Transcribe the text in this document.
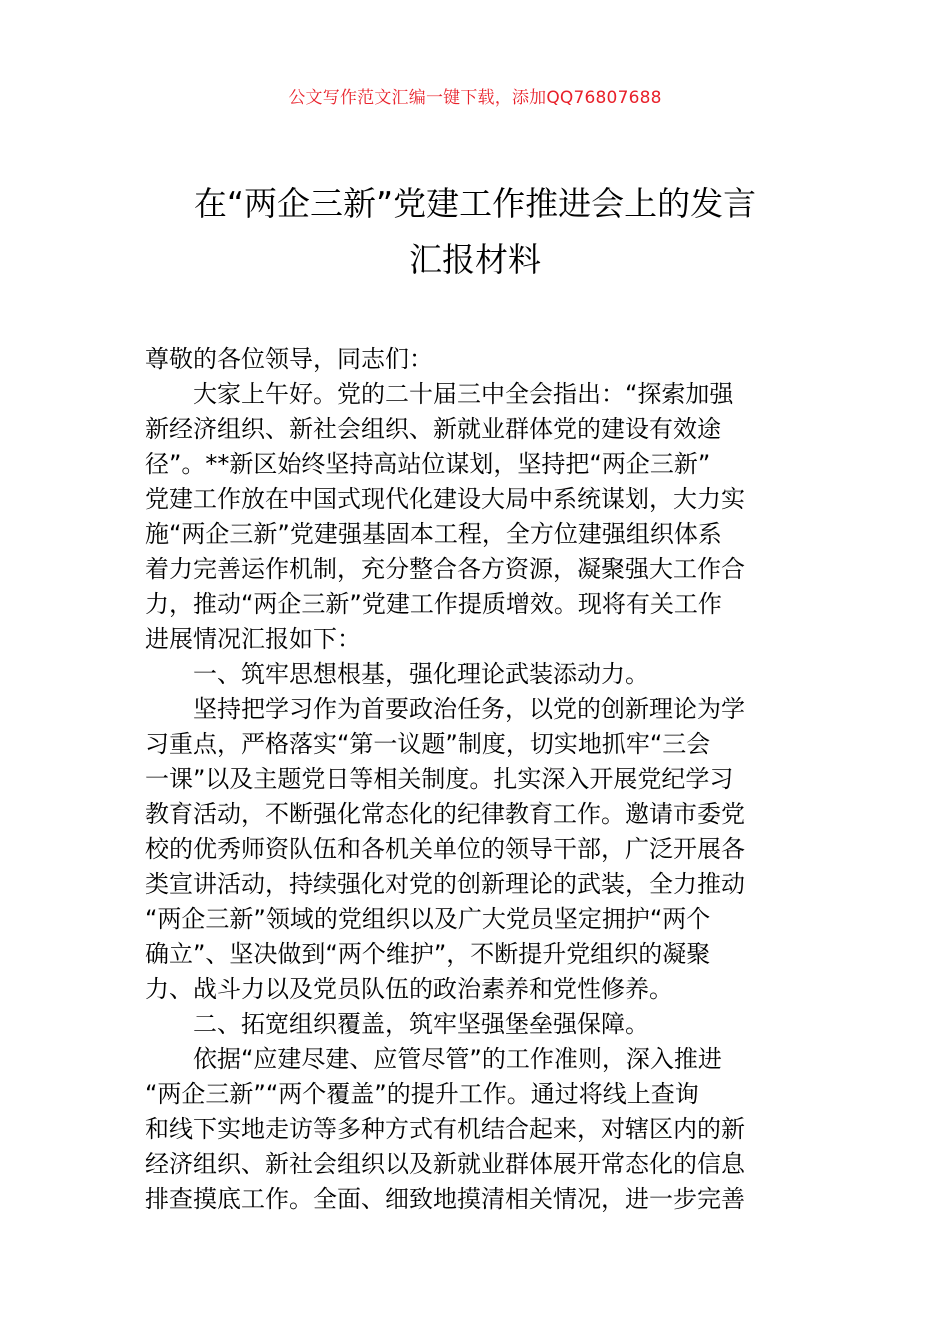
公文写作范文汇编一键下载，添加QQ76807688
在“两企三新”党建工作推进会上的发言
汇报材料
尊敬的各位领导，同志们：
　　大家上午好。党的二十届三中全会指出：“探索加强
新经济组织、新社会组织、新就业群体党的建设有效途
径”。**新区始终坚持高站位谋划，坚持把“两企三新”
党建工作放在中国式现代化建设大局中系统谋划，大力实
施“两企三新”党建强基固本工程，全方位建强组织体系
着力完善运作机制，充分整合各方资源，凝聚强大工作合
力，推动“两企三新”党建工作提质增效。现将有关工作
进展情况汇报如下：
　　一、筑牢思想根基，强化理论武装添动力。
　　坚持把学习作为首要政治任务，以党的创新理论为学
习重点，严格落实“第一议题”制度，切实地抓牢“三会
一课”以及主题党日等相关制度。扎实深入开展党纪学习
教育活动，不断强化常态化的纪律教育工作。邀请市委党
校的优秀师资队伍和各机关单位的领导干部，广泛开展各
类宣讲活动，持续强化对党的创新理论的武装，全力推动
“两企三新”领域的党组织以及广大党员坚定拥护“两个
确立”、坚决做到“两个维护”，不断提升党组织的凝聚
力、战斗力以及党员队伍的政治素养和党性修养。
　　二、拓宽组织覆盖，筑牢坚强堡垒强保障。
　　依据“应建尽建、应管尽管”的工作准则，深入推进
“两企三新”“两个覆盖”的提升工作。通过将线上查询
和线下实地走访等多种方式有机结合起来，对辖区内的新
经济组织、新社会组织以及新就业群体展开常态化的信息
排查摸底工作。全面、细致地摸清相关情况，进一步完善
